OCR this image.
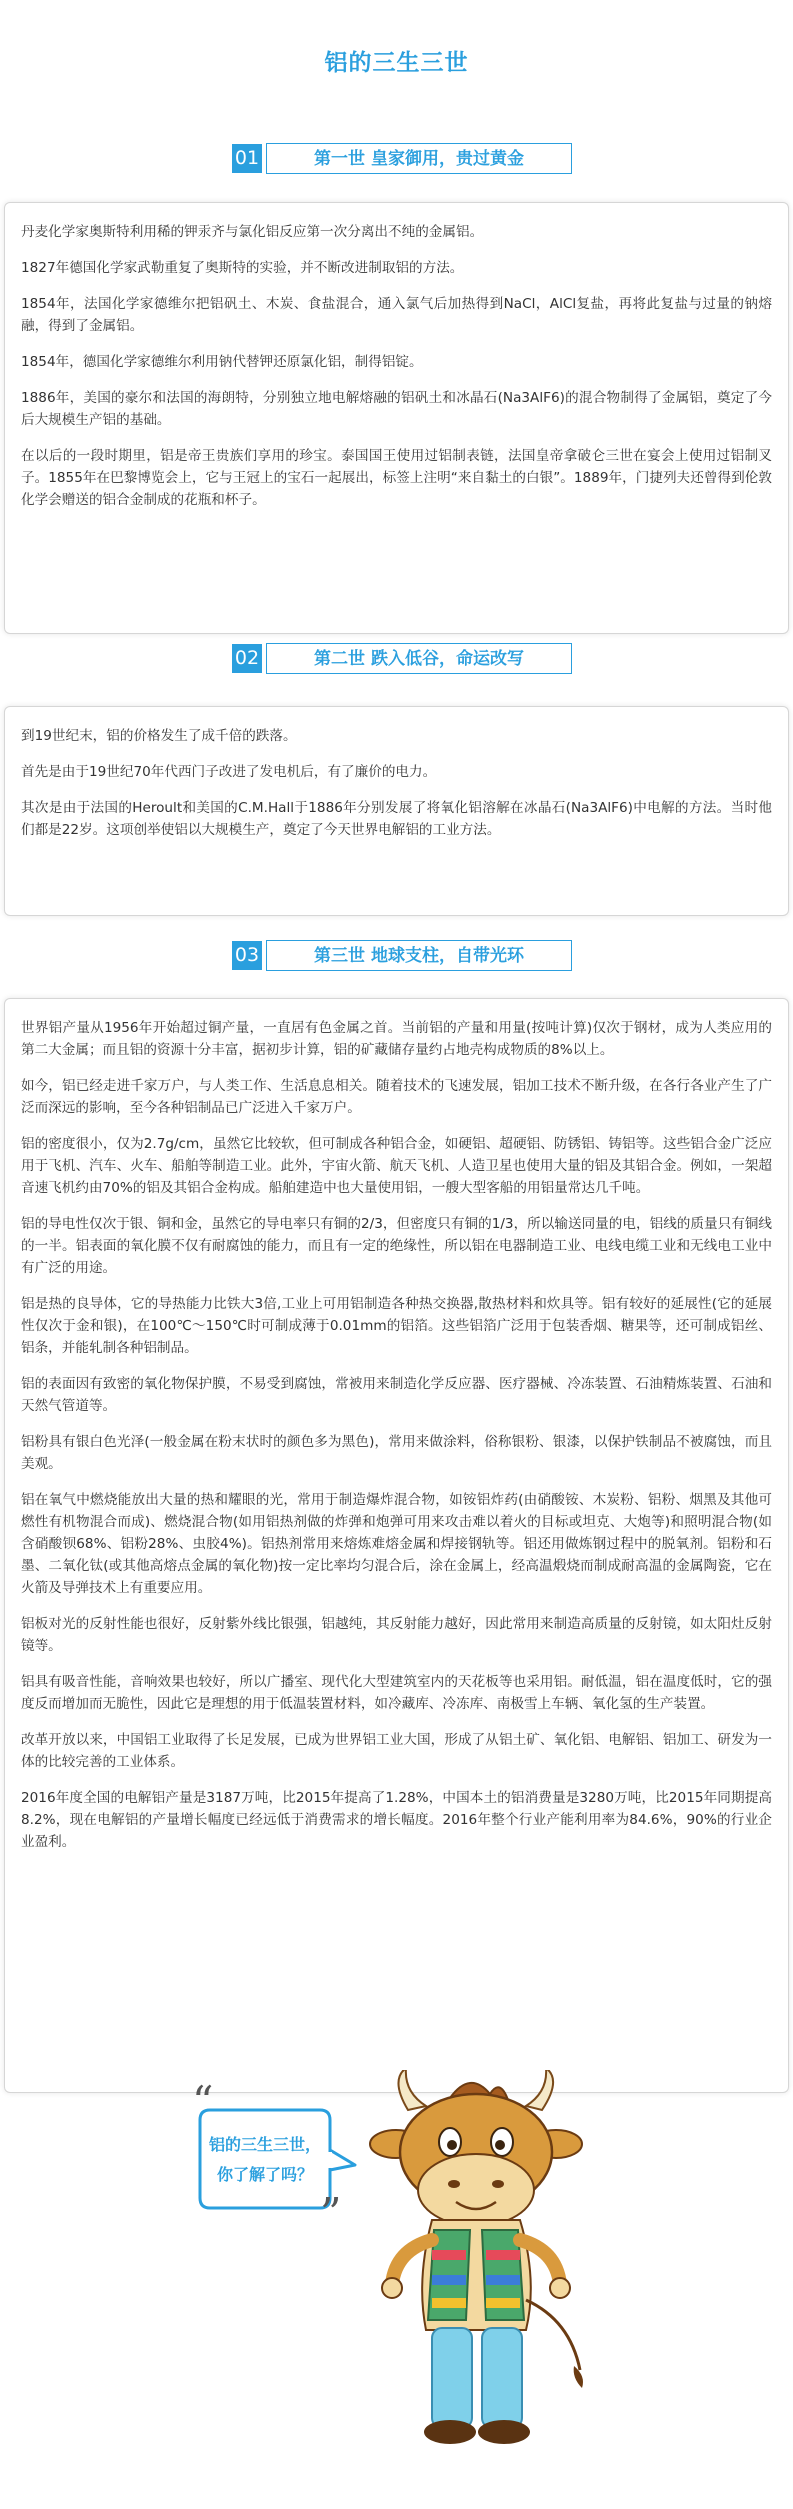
铝的三生三世
01	第一世 皇家御用，贵过黄金

丹麦化学家奥斯特利用稀的钾汞齐与氯化铝反应第一次分离出不纯的金属铝。

1827年德国化学家武勒重复了奥斯特的实验，并不断改进制取铝的方法。

1854年，法国化学家德维尔把铝矾土、木炭、食盐混合，通入氯气后加热得到NaCl，AlCl复盐，再将此复盐与过量的钠熔融，得到了金属铝。

1854年，德国化学家德维尔利用钠代替钾还原氯化铝，制得铝锭。

1886年，美国的豪尔和法国的海朗特，分别独立地电解熔融的铝矾土和冰晶石(Na3AlF6)的混合物制得了金属铝，奠定了今后大规模生产铝的基础。

在以后的一段时期里，铝是帝王贵族们享用的珍宝。泰国国王使用过铝制表链，法国皇帝拿破仑三世在宴会上使用过铝制叉子。1855年在巴黎博览会上，它与王冠上的宝石一起展出，标签上注明“来自黏土的白银”。1889年，门捷列夫还曾得到伦敦化学会赠送的铝合金制成的花瓶和杯子。

02	第二世 跌入低谷，命运改写

到19世纪末，铝的价格发生了成千倍的跌落。

首先是由于19世纪70年代西门子改进了发电机后，有了廉价的电力。

其次是由于法国的Heroult和美国的C.M.Hall于1886年分别发展了将氧化铝溶解在冰晶石(Na3AlF6)中电解的方法。当时他们都是22岁。这项创举使铝以大规模生产，奠定了今天世界电解铝的工业方法。

03	第三世 地球支柱，自带光环

世界铝产量从1956年开始超过铜产量，一直居有色金属之首。当前铝的产量和用量(按吨计算)仅次于钢材，成为人类应用的第二大金属；而且铝的资源十分丰富，据初步计算，铝的矿藏储存量约占地壳构成物质的8%以上。

如今，铝已经走进千家万户，与人类工作、生活息息相关。随着技术的飞速发展，铝加工技术不断升级，在各行各业产生了广泛而深远的影响，至今各种铝制品已广泛进入千家万户。

铝的密度很小，仅为2.7g/cm，虽然它比较软，但可制成各种铝合金，如硬铝、超硬铝、防锈铝、铸铝等。这些铝合金广泛应用于飞机、汽车、火车、船舶等制造工业。此外，宇宙火箭、航天飞机、人造卫星也使用大量的铝及其铝合金。例如，一架超音速飞机约由70%的铝及其铝合金构成。船舶建造中也大量使用铝，一艘大型客船的用铝量常达几千吨。

铝的导电性仅次于银、铜和金，虽然它的导电率只有铜的2/3，但密度只有铜的1/3，所以输送同量的电，铝线的质量只有铜线的一半。铝表面的氧化膜不仅有耐腐蚀的能力，而且有一定的绝缘性，所以铝在电器制造工业、电线电缆工业和无线电工业中有广泛的用途。

铝是热的良导体，它的导热能力比铁大3倍,工业上可用铝制造各种热交换器,散热材料和炊具等。铝有较好的延展性(它的延展性仅次于金和银)，在100℃～150℃时可制成薄于0.01mm的铝箔。这些铝箔广泛用于包装香烟、糖果等，还可制成铝丝、铝条，并能轧制各种铝制品。

铝的表面因有致密的氧化物保护膜，不易受到腐蚀，常被用来制造化学反应器、医疗器械、冷冻装置、石油精炼装置、石油和天然气管道等。

铝粉具有银白色光泽(一般金属在粉末状时的颜色多为黑色)，常用来做涂料，俗称银粉、银漆，以保护铁制品不被腐蚀，而且美观。

铝在氧气中燃烧能放出大量的热和耀眼的光，常用于制造爆炸混合物，如铵铝炸药(由硝酸铵、木炭粉、铝粉、烟黑及其他可燃性有机物混合而成)、燃烧混合物(如用铝热剂做的炸弹和炮弹可用来攻击难以着火的目标或坦克、大炮等)和照明混合物(如含硝酸钡68%、铝粉28%、虫胶4%)。铝热剂常用来熔炼难熔金属和焊接钢轨等。铝还用做炼钢过程中的脱氧剂。铝粉和石墨、二氧化钛(或其他高熔点金属的氧化物)按一定比率均匀混合后，涂在金属上，经高温煅烧而制成耐高温的金属陶瓷，它在火箭及导弹技术上有重要应用。

铝板对光的反射性能也很好，反射紫外线比银强，铝越纯，其反射能力越好，因此常用来制造高质量的反射镜，如太阳灶反射镜等。

铝具有吸音性能，音响效果也较好，所以广播室、现代化大型建筑室内的天花板等也采用铝。耐低温，铝在温度低时，它的强度反而增加而无脆性，因此它是理想的用于低温装置材料，如冷藏库、冷冻库、南极雪上车辆、氧化氢的生产装置。

改革开放以来，中国铝工业取得了长足发展，已成为世界铝工业大国，形成了从铝土矿、氧化铝、电解铝、铝加工、研发为一体的比较完善的工业体系。

2016年度全国的电解铝产量是3187万吨，比2015年提高了1.28%，中国本土的铝消费量是3280万吨，比2015年同期提高8.2%，现在电解铝的产量增长幅度已经远低于消费需求的增长幅度。2016年整个行业产能利用率为84.6%，90%的行业企业盈利。

“
”
铝的三生三世，
你了解了吗？
